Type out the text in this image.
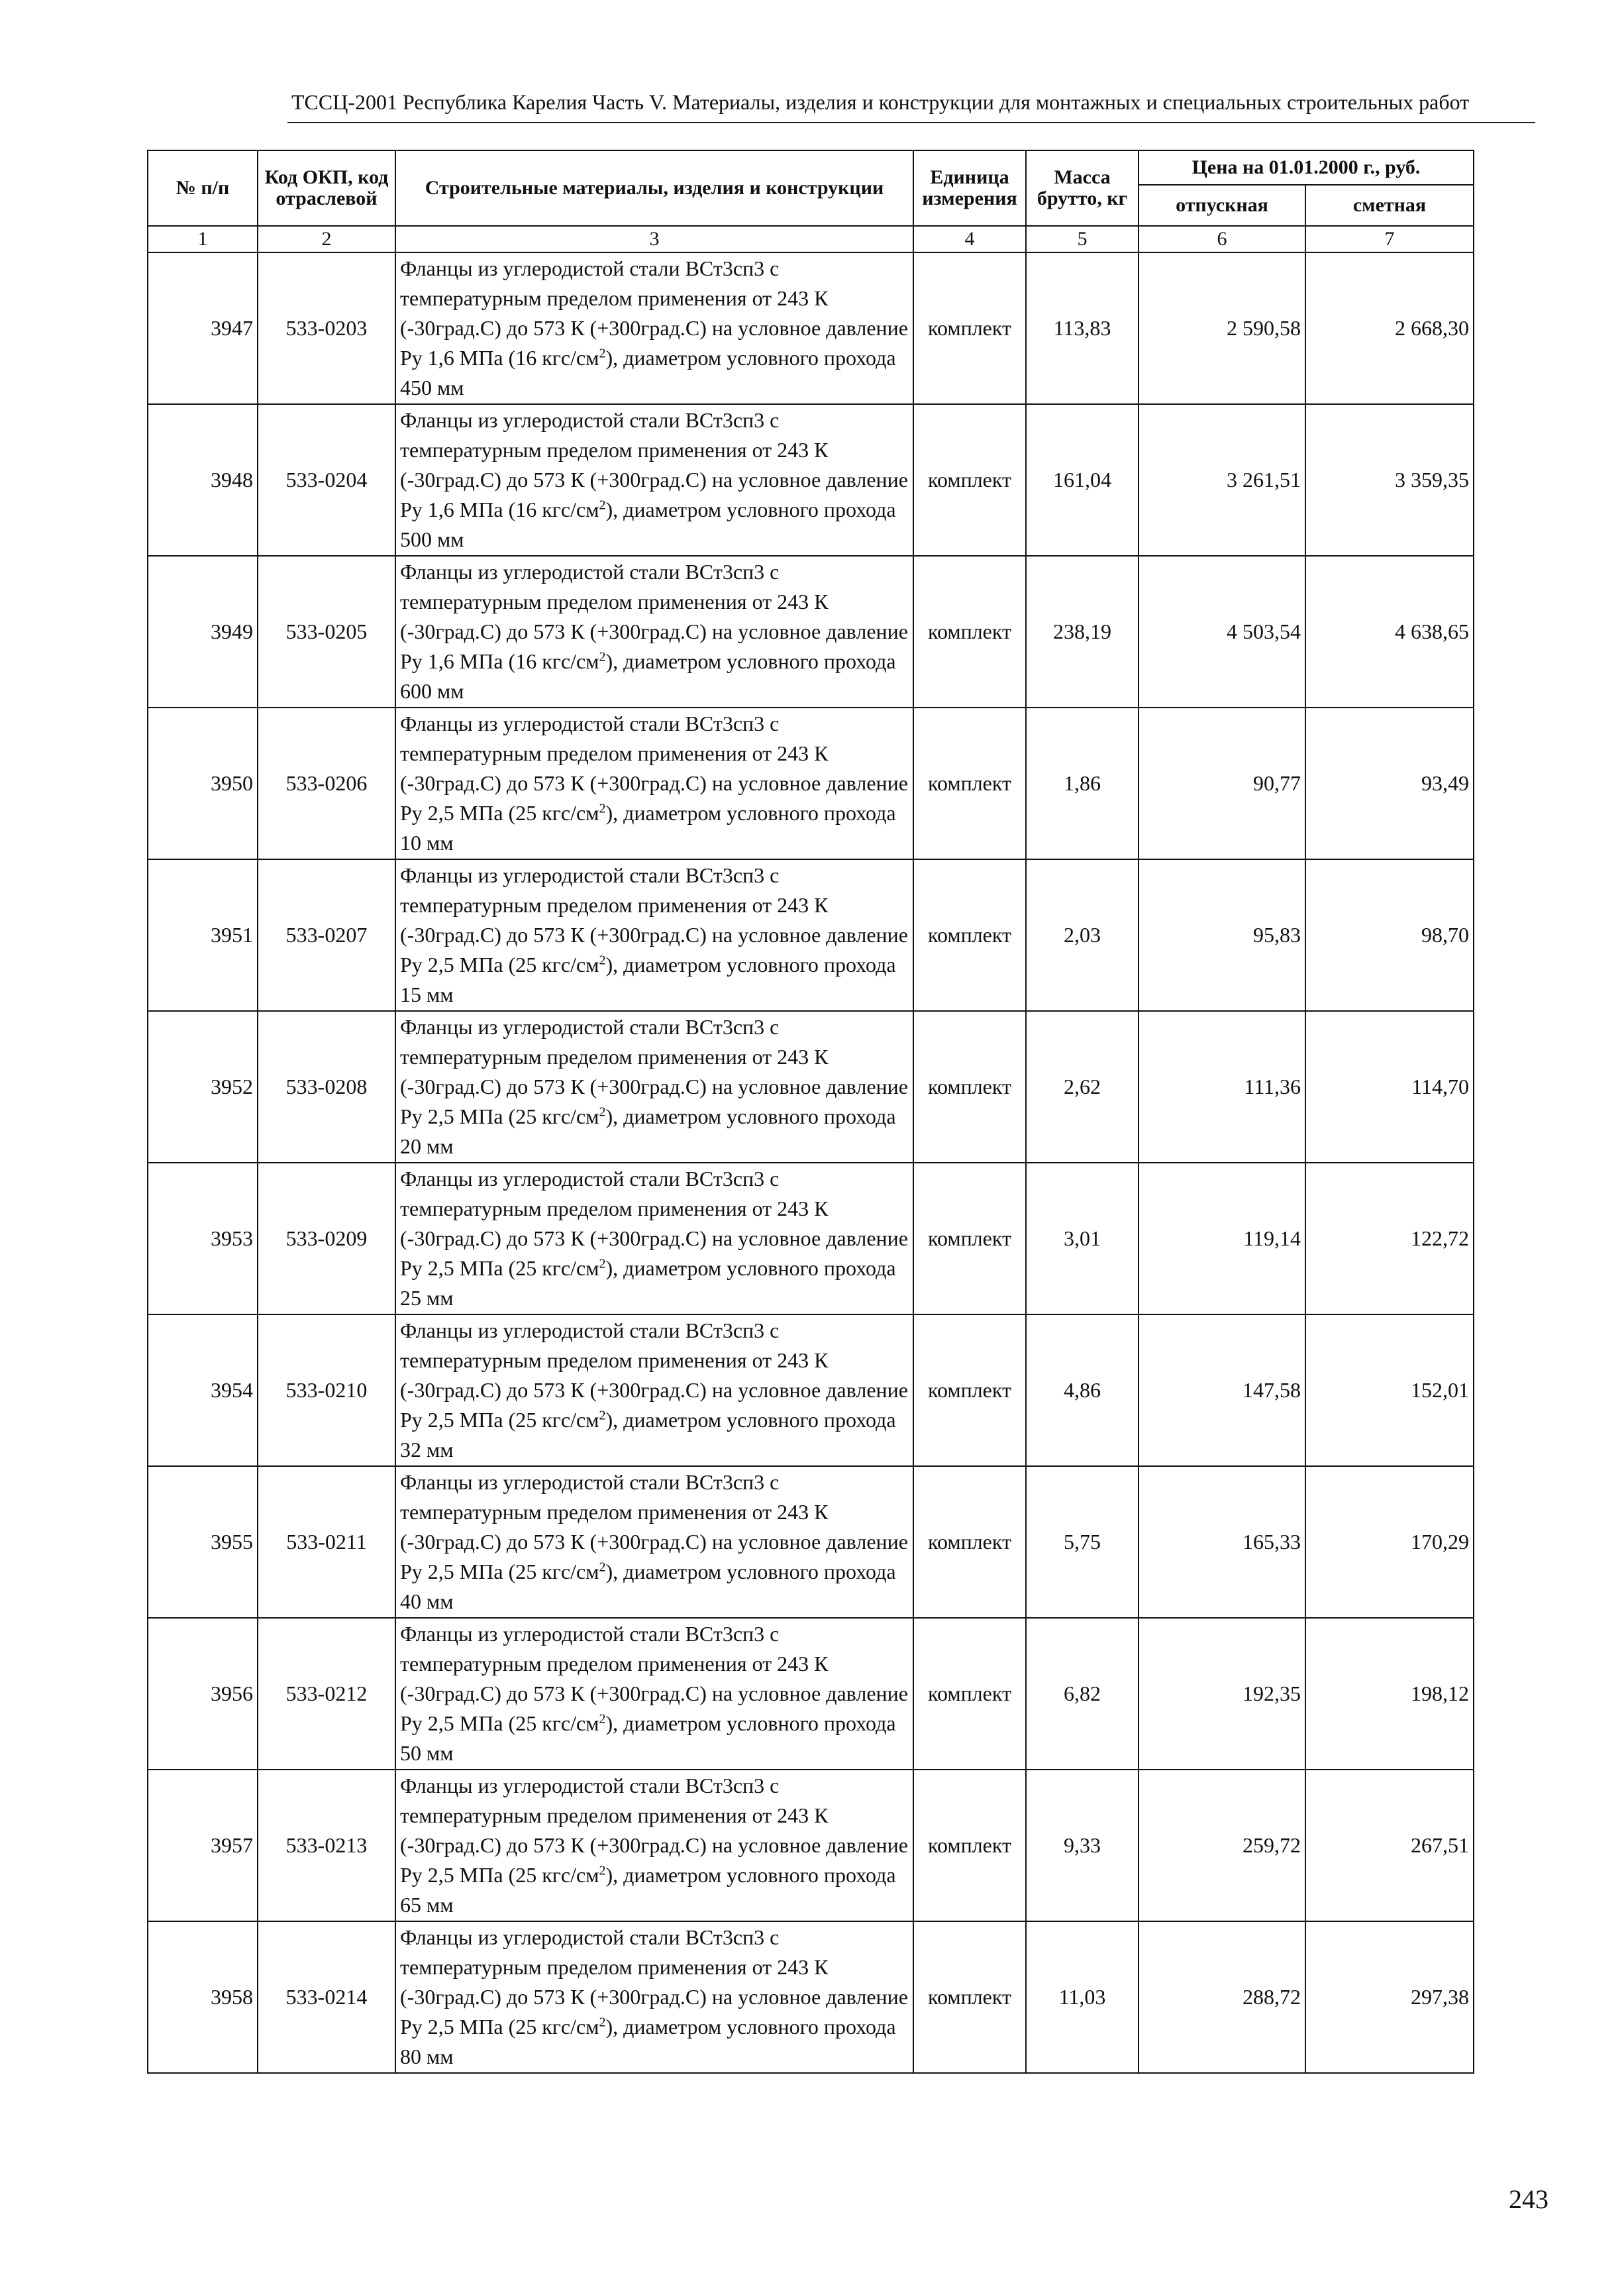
ТССЦ-2001 Республика Карелия Часть V. Материалы, изделия и конструкции для монтажных и специальных строительных работ
№ п/п	Код ОКП, код отраслевой	Строительные материалы, изделия и конструкции	Единица измерения	Масса брутто, кг	Цена на 01.01.2000 г., руб.	
					отпускная	сметная
1	2	3	4	5	6	7
3947	533-0203	Фланцы из углеродистой стали ВСт3сп3 с температурным пределом применения от 243 К (-30град.С) до 573 К (+300град.С) на условное давление Ру 1,6 МПа (16 кгс/$см^2$), диаметром условного прохода 450 мм	комплект	113,83	2 590,58	2 668,30
3948	533-0204	Фланцы из углеродистой стали ВСт3сп3 с температурным пределом применения от 243 К (-30град.С) до 573 К (+300град.С) на условное давление Ру 1,6 МПа (16 кгс/$см^2$), диаметром условного прохода 500 мм	комплект	161,04	3 261,51	3 359,35
3949	533-0205	Фланцы из углеродистой стали ВСт3сп3 с температурным пределом применения от 243 К (-30град.С) до 573 К (+300град.С) на условное давление Ру 1,6 МПа (16 кгс/$см^2$), диаметром условного прохода 600 мм	комплект	238,19	4 503,54	4 638,65
3950	533-0206	Фланцы из углеродистой стали ВСт3сп3 с температурным пределом применения от 243 К (-30град.С) до 573 К (+300град.С) на условное давление Ру 2,5 МПа (25 кгс/$см^2$), диаметром условного прохода 10 мм	комплект	1,86	90,77	93,49
3951	533-0207	Фланцы из углеродистой стали ВСт3сп3 с температурным пределом применения от 243 К (-30град.С) до 573 К (+300град.С) на условное давление Ру 2,5 МПа (25 кгс/$см^2$), диаметром условного прохода 15 мм	комплект	2,03	95,83	98,70
3952	533-0208	Фланцы из углеродистой стали ВСт3сп3 с температурным пределом применения от 243 К (-30град.С) до 573 К (+300град.С) на условное давление Ру 2,5 МПа (25 кгс/$см^2$), диаметром условного прохода 20 мм	комплект	2,62	111,36	114,70
3953	533-0209	Фланцы из углеродистой стали ВСт3сп3 с температурным пределом применения от 243 К (-30град.С) до 573 К (+300град.С) на условное давление Ру 2,5 МПа (25 кгс/$см^2$), диаметром условного прохода 25 мм	комплект	3,01	119,14	122,72
3954	533-0210	Фланцы из углеродистой стали ВСт3сп3 с температурным пределом применения от 243 К (-30град.С) до 573 К (+300град.С) на условное давление Ру 2,5 МПа (25 кгс/$см^2$), диаметром условного прохода 32 мм	комплект	4,86	147,58	152,01
3955	533-0211	Фланцы из углеродистой стали ВСт3сп3 с температурным пределом применения от 243 К (-30град.С) до 573 К (+300град.С) на условное давление Ру 2,5 МПа (25 кгс/$см^2$), диаметром условного прохода 40 мм	комплект	5,75	165,33	170,29
3956	533-0212	Фланцы из углеродистой стали ВСт3сп3 с температурным пределом применения от 243 К (-30град.С) до 573 К (+300град.С) на условное давление Ру 2,5 МПа (25 кгс/$см^2$), диаметром условного прохода 50 мм	комплект	6,82	192,35	198,12
3957	533-0213	Фланцы из углеродистой стали ВСт3сп3 с температурным пределом применения от 243 К (-30град.С) до 573 К (+300град.С) на условное давление Ру 2,5 МПа (25 кгс/$см^2$), диаметром условного прохода 65 мм	комплект	9,33	259,72	267,51
3958	533-0214	Фланцы из углеродистой стали ВСт3сп3 с температурным пределом применения от 243 К (-30град.С) до 573 К (+300град.С) на условное давление Ру 2,5 МПа (25 кгс/$см^2$), диаметром условного прохода 80 мм	комплект	11,03	288,72	297,38
243
